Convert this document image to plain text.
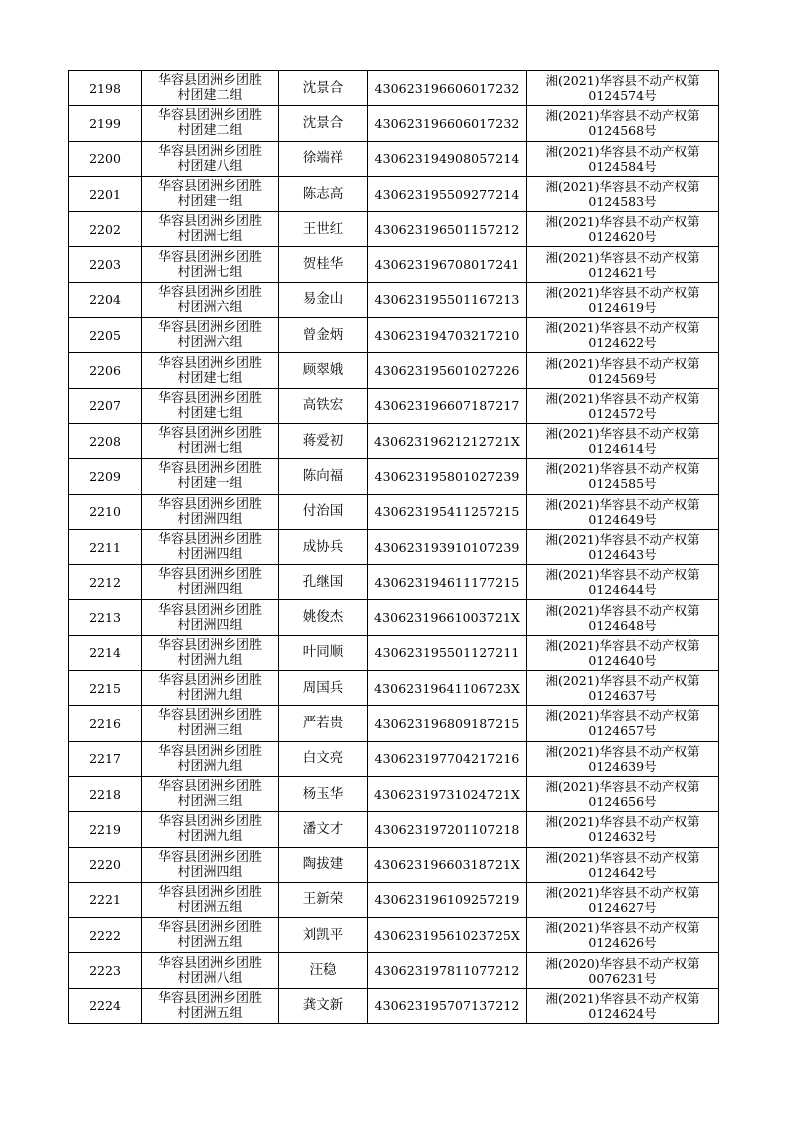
2198	华容县团洲乡团胜
村团建二组	沈景合	430623196606017232	湘(2021)华容县不动产权第
0124574号

2199	华容县团洲乡团胜
村团建二组	沈景合	430623196606017232	湘(2021)华容县不动产权第
0124568号

2200	华容县团洲乡团胜
村团建八组	徐端祥	430623194908057214	湘(2021)华容县不动产权第
0124584号

2201	华容县团洲乡团胜
村团建一组	陈志高	430623195509277214	湘(2021)华容县不动产权第
0124583号

2202	华容县团洲乡团胜
村团洲七组	王世红	430623196501157212	湘(2021)华容县不动产权第
0124620号

2203	华容县团洲乡团胜
村团洲七组	贺桂华	430623196708017241	湘(2021)华容县不动产权第
0124621号

2204	华容县团洲乡团胜
村团洲六组	易金山	430623195501167213	湘(2021)华容县不动产权第
0124619号

2205	华容县团洲乡团胜
村团洲六组	曾金炳	430623194703217210	湘(2021)华容县不动产权第
0124622号

2206	华容县团洲乡团胜
村团建七组	顾翠娥	430623195601027226	湘(2021)华容县不动产权第
0124569号

2207	华容县团洲乡团胜
村团建七组	高铁宏	430623196607187217	湘(2021)华容县不动产权第
0124572号

2208	华容县团洲乡团胜
村团洲七组	蒋爱初	43062319621212721X	湘(2021)华容县不动产权第
0124614号

2209	华容县团洲乡团胜
村团建一组	陈向福	430623195801027239	湘(2021)华容县不动产权第
0124585号

2210	华容县团洲乡团胜
村团洲四组	付治国	430623195411257215	湘(2021)华容县不动产权第
0124649号

2211	华容县团洲乡团胜
村团洲四组	成协兵	430623193910107239	湘(2021)华容县不动产权第
0124643号

2212	华容县团洲乡团胜
村团洲四组	孔继国	430623194611177215	湘(2021)华容县不动产权第
0124644号

2213	华容县团洲乡团胜
村团洲四组	姚俊杰	43062319661003721X	湘(2021)华容县不动产权第
0124648号

2214	华容县团洲乡团胜
村团洲九组	叶同顺	430623195501127211	湘(2021)华容县不动产权第
0124640号

2215	华容县团洲乡团胜
村团洲九组	周国兵	43062319641106723X	湘(2021)华容县不动产权第
0124637号

2216	华容县团洲乡团胜
村团洲三组	严若贵	430623196809187215	湘(2021)华容县不动产权第
0124657号

2217	华容县团洲乡团胜
村团洲九组	白文亮	430623197704217216	湘(2021)华容县不动产权第
0124639号

2218	华容县团洲乡团胜
村团洲三组	杨玉华	43062319731024721X	湘(2021)华容县不动产权第
0124656号

2219	华容县团洲乡团胜
村团洲九组	潘文才	430623197201107218	湘(2021)华容县不动产权第
0124632号

2220	华容县团洲乡团胜
村团洲四组	陶拔建	43062319660318721X	湘(2021)华容县不动产权第
0124642号

2221	华容县团洲乡团胜
村团洲五组	王新荣	430623196109257219	湘(2021)华容县不动产权第
0124627号

2222	华容县团洲乡团胜
村团洲五组	刘凯平	43062319561023725X	湘(2021)华容县不动产权第
0124626号

2223	华容县团洲乡团胜
村团洲八组	汪稳	430623197811077212	湘(2020)华容县不动产权第
0076231号

2224	华容县团洲乡团胜
村团洲五组	龚文新	430623195707137212	湘(2021)华容县不动产权第
0124624号
